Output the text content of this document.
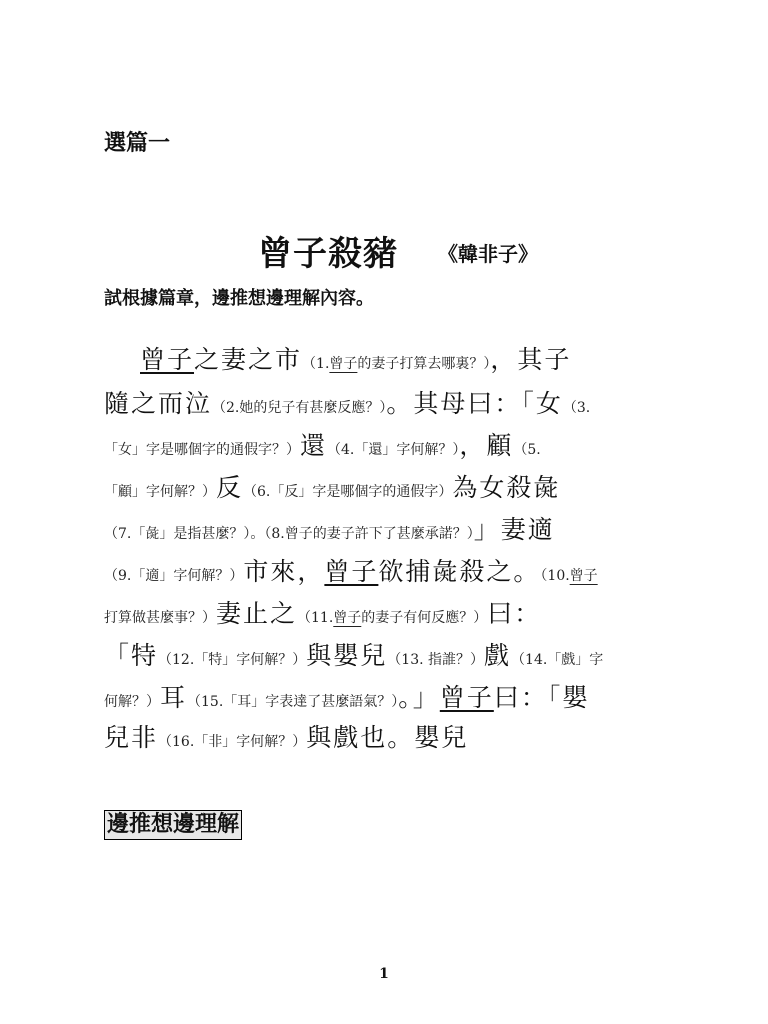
選篇一
曾子殺豬 《韓非子》
試根據篇章，邊推想邊理解內容。
曾子之妻之市（1.曾子的妻子打算去哪裏？），其子
隨之而泣（2.她的兒子有甚麼反應？）。其母曰：「女（3.
「女」字是哪個字的通假字？）還（4.「還」字何解？），顧（5.
「顧」字何解？）反（6.「反」字是哪個字的通假字）為女殺彘
（7.「彘」是指甚麼？）。（8.曾子的妻子許下了甚麼承諾？）」妻適
（9.「適」字何解？）市來，曾子欲捕彘殺之。（10.曾子
打算做甚麼事？）妻止之（11.曾子的妻子有何反應？）曰：
「特（12.「特」字何解？）與嬰兒（13. 指誰？）戲（14.「戲」字
何解？）耳（15.「耳」字表達了甚麼語氣？）。」曾子曰：「嬰
兒非（16.「非」字何解？）與戲也。嬰兒
邊推想邊理解
1
